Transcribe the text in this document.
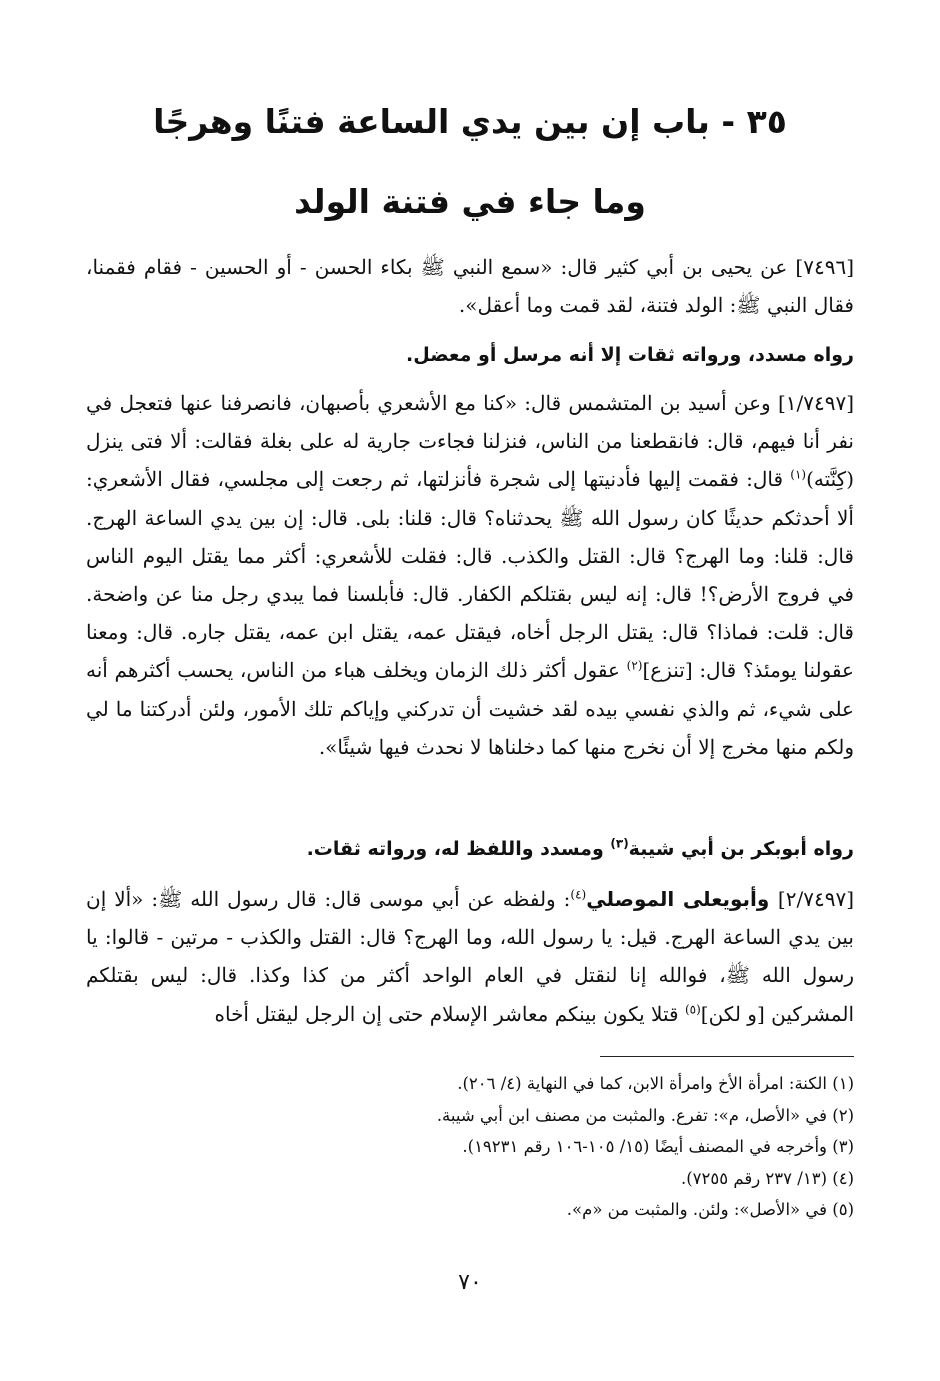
٣٥ - باب إن بين يدي الساعة فتنًا وهرجًا
وما جاء في فتنة الولد
[٧٤٩٦] عن يحيى بن أبي كثير قال: «سمع النبي ﷺ بكاء الحسن - أو الحسين - فقام فقمنا، فقال النبي ﷺ: الولد فتنة، لقد قمت وما أعقل».
رواه مسدد، ورواته ثقات إلا أنه مرسل أو معضل.
[١/٧٤٩٧] وعن أسيد بن المتشمس قال: «كنا مع الأشعري بأصبهان، فانصرفنا عنها فتعجل في نفر أنا فيهم، قال: فانقطعنا من الناس، فنزلنا فجاءت جارية له على بغلة فقالت: ألا فتى ينزل (كِنَّته)$^{(١)}$ قال: فقمت إليها فأدنيتها إلى شجرة فأنزلتها، ثم رجعت إلى مجلسي، فقال الأشعري: ألا أحدثكم حديثًا كان رسول الله ﷺ يحدثناه؟ قال: قلنا: بلى. قال: إن بين يدي الساعة الهرج. قال: قلنا: وما الهرج؟ قال: القتل والكذب. قال: فقلت للأشعري: أكثر مما يقتل اليوم الناس في فروج الأرض؟! قال: إنه ليس بقتلكم الكفار. قال: فأبلسنا فما يبدي رجل منا عن واضحة. قال: قلت: فماذا؟ قال: يقتل الرجل أخاه، فيقتل عمه، يقتل ابن عمه، يقتل جاره. قال: ومعنا عقولنا يومئذ؟ قال: [تنزع]$^{(٢)}$ عقول أكثر ذلك الزمان ويخلف هباء من الناس، يحسب أكثرهم أنه على شيء، ثم والذي نفسي بيده لقد خشيت أن تدركني وإياكم تلك الأمور، ولئن أدركتنا ما لي ولكم منها مخرج إلا أن نخرج منها كما دخلناها لا نحدث فيها شيئًا».
رواه أبوبكر بن أبي شيبة$^{(٣)}$ ومسدد واللفظ له، ورواته ثقات.
[٢/٧٤٩٧] وأبويعلى الموصلي$^{(٤)}$: ولفظه عن أبي موسى قال: قال رسول الله ﷺ: «ألا إن بين يدي الساعة الهرج. قيل: يا رسول الله، وما الهرج؟ قال: القتل والكذب - مرتين - قالوا: يا رسول الله ﷺ، فوالله إنا لنقتل في العام الواحد أكثر من كذا وكذا. قال: ليس بقتلكم المشركين [و لكن]$^{(٥)}$ قتلا يكون بينكم معاشر الإسلام حتى إن الرجل ليقتل أخاه
(١) الكنة: امرأة الأخ وامرأة الابن، كما في النهاية (٤/ ٢٠٦).
(٢) في «الأصل، م»: تفرع. والمثبت من مصنف ابن أبي شيبة.
(٣) وأخرجه في المصنف أيضًا (١٥/ ١٠٥-١٠٦ رقم ١٩٢٣١).
(٤) (١٣/ ٢٣٧ رقم ٧٢٥٥).
(٥) في «الأصل»: ولئن. والمثبت من «م».
٧٠
